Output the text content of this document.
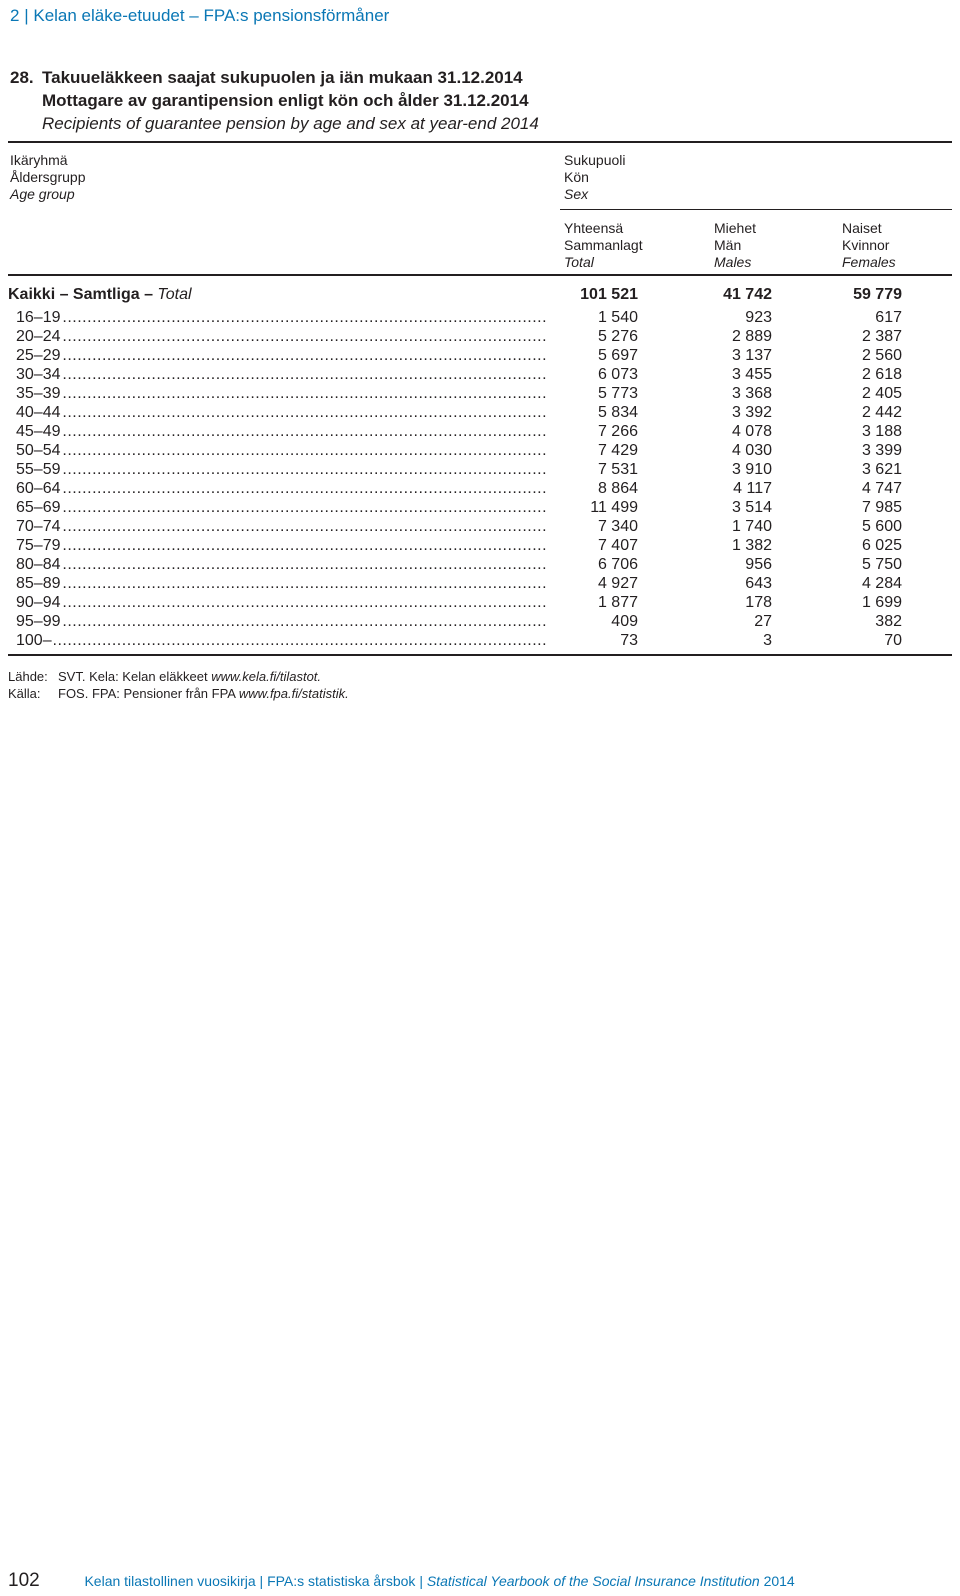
2 | Kelan eläke-etuudet – FPA:s pensionsförmåner
28. Takuueläkkeen saajat sukupuolen ja iän mukaan 31.12.2014
Mottagare av garantipension enligt kön och ålder 31.12.2014
Recipients of guarantee pension by age and sex at year-end 2014
Ikäryhmä
Åldersgrupp
Age group
Sukupuoli
Kön
Sex
Yhteensä
Sammanlagt
Total
Miehet
Män
Males
Naiset
Kvinnor
Females
Kaikki – Samtliga – Total	101 521	41 742	59 779	

16–19 .....	1 540	923	617	

20–24 .....	5 276	2 889	2 387	

25–29 .....	5 697	3 137	2 560	

30–34 .....	6 073	3 455	2 618	

35–39 .....	5 773	3 368	2 405	

40–44 .....	5 834	3 392	2 442	

45–49 .....	7 266	4 078	3 188	

50–54 .....	7 429	4 030	3 399	

55–59 .....	7 531	3 910	3 621	

60–64 .....	8 864	4 117	4 747	

65–69 .....	11 499	3 514	7 985	

70–74 .....	7 340	1 740	5 600	

75–79 .....	7 407	1 382	6 025	

80–84 .....	6 706	956	5 750	

85–89 .....	4 927	643	4 284	

90–94 .....	1 877	178	1 699	

95–99 .....	409	27	382	

100– .....	73	3	70	
Lähde: SVT. Kela: Kelan eläkkeet www.kela.fi/tilastot.
Källa: FOS. FPA: Pensioner från FPA www.fpa.fi/statistik.
102	Kelan tilastollinen vuosikirja | FPA:s statistiska årsbok | Statistical Yearbook of the Social Insurance Institution 2014
